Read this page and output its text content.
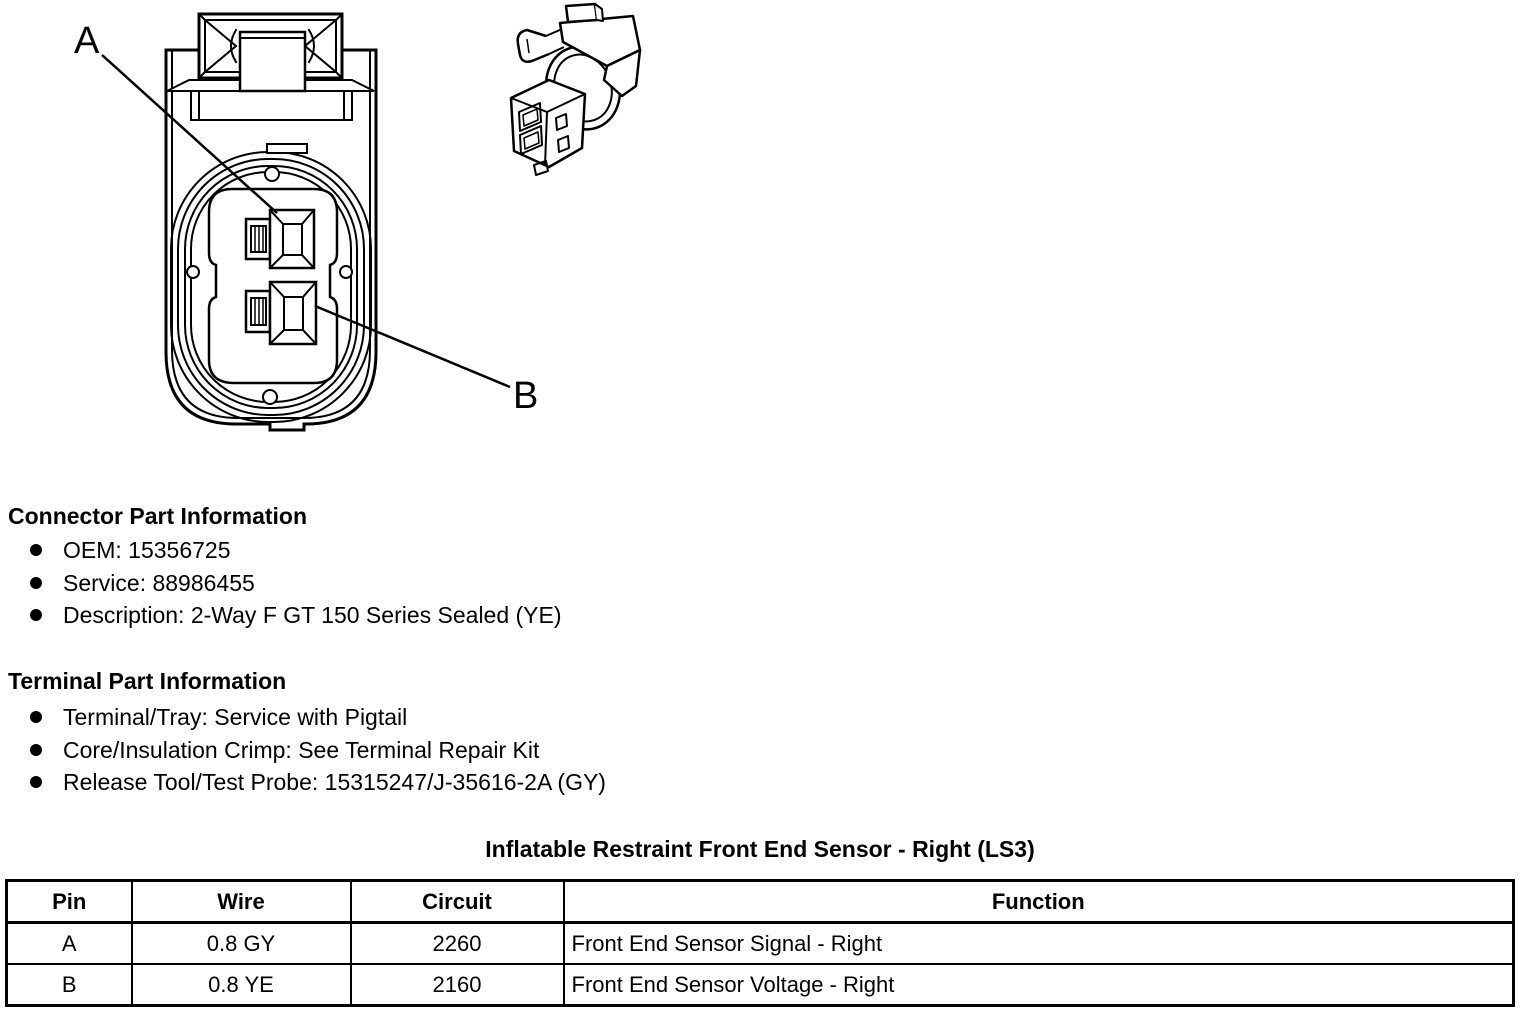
A
B
Connector Part Information
OEM: 15356725
Service: 88986455
Description: 2-Way F GT 150 Series Sealed (YE)
Terminal Part Information
Terminal/Tray: Service with Pigtail
Core/Insulation Crimp: See Terminal Repair Kit
Release Tool/Test Probe: 15315247/J-35616-2A (GY)
Inflatable Restraint Front End Sensor - Right (LS3)
Pin	Wire	Circuit	Function
A	0.8 GY	2260	Front End Sensor Signal - Right
B	0.8 YE	2160	Front End Sensor Voltage - Right
